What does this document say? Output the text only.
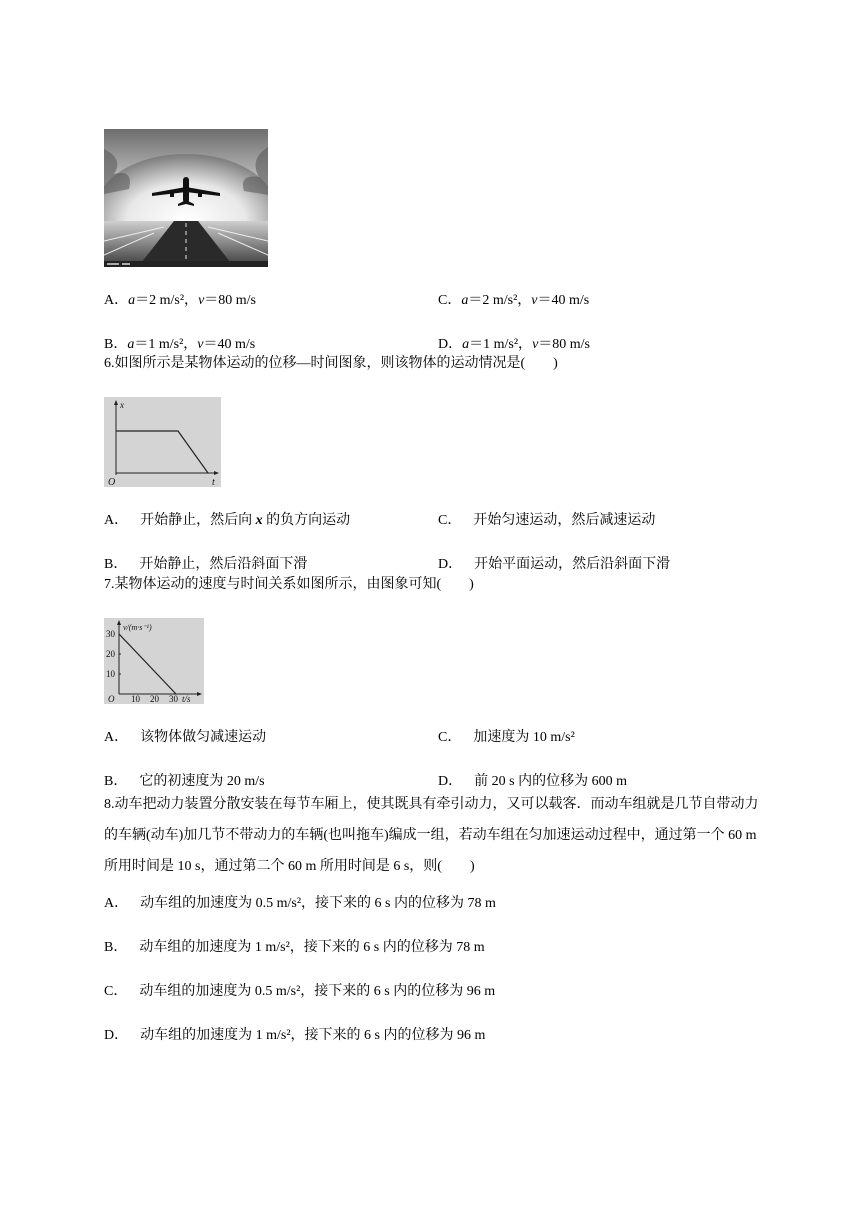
A．a＝2 m/s²，v＝80 m/s	C．a＝2 m/s²，v＝40 m/s
B．a＝1 m/s²，v＝40 m/s	D．a＝1 m/s²，v＝80 m/s
6.如图所示是某物体运动的位移—时间图象，则该物体的运动情况是(　　)
x
t
O
A． 开始静止，然后向 x 的负方向运动	C． 开始匀速运动，然后减速运动
B． 开始静止，然后沿斜面下滑	D． 开始平面运动，然后沿斜面下滑
7.某物体运动的速度与时间关系如图所示，由图象可知(　　)
v/(m·s⁻¹)
30
20
10
O 10 20 30 t/s
A． 该物体做匀减速运动	C． 加速度为 10 m/s²
B． 它的初速度为 20 m/s	D． 前 20 s 内的位移为 600 m
8.动车把动力装置分散安装在每节车厢上，使其既具有牵引动力，又可以载客．而动车组就是几节自带动力的车辆(动车)加几节不带动力的车辆(也叫拖车)编成一组，若动车组在匀加速运动过程中，通过第一个 60 m 所用时间是 10 s，通过第二个 60 m 所用时间是 6 s，则(　　)
A． 动车组的加速度为 0.5 m/s²，接下来的 6 s 内的位移为 78 m
B． 动车组的加速度为 1 m/s²，接下来的 6 s 内的位移为 78 m
C． 动车组的加速度为 0.5 m/s²，接下来的 6 s 内的位移为 96 m
D． 动车组的加速度为 1 m/s²，接下来的 6 s 内的位移为 96 m
